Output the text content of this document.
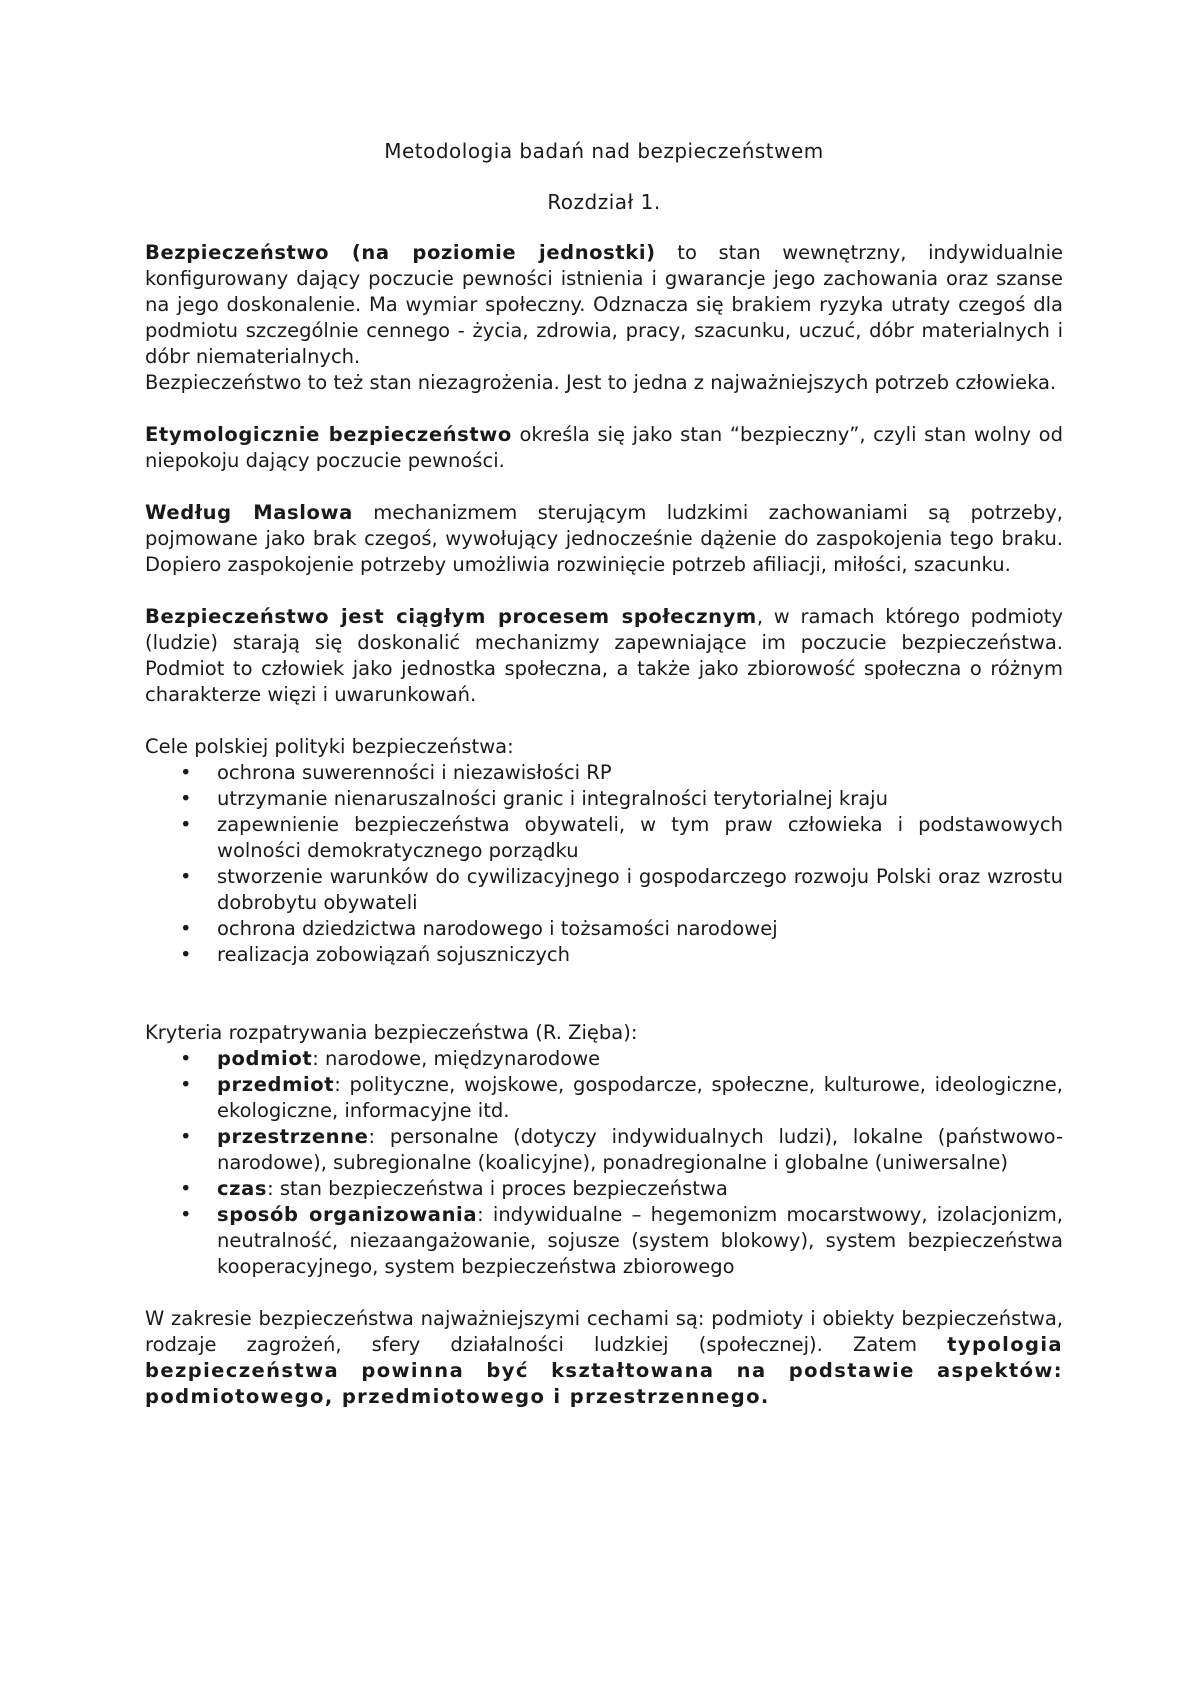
Metodologia badań nad bezpieczeństwem

Rozdział 1.

Bezpieczeństwo (na poziomie jednostki) to stan wewnętrzny, indywidualnie konfigurowany dający poczucie pewności istnienia i gwarancje jego zachowania oraz szanse na jego doskonalenie. Ma wymiar społeczny. Odznacza się brakiem ryzyka utraty czegoś dla podmiotu szczególnie cennego - życia, zdrowia, pracy, szacunku, uczuć, dóbr materialnych i dóbr niematerialnych.

Bezpieczeństwo to też stan niezagrożenia. Jest to jedna z najważniejszych potrzeb człowieka.

Etymologicznie bezpieczeństwo określa się jako stan “bezpieczny”, czyli stan wolny od niepokoju dający poczucie pewności.

Według Maslowa mechanizmem sterującym ludzkimi zachowaniami są potrzeby, pojmowane jako brak czegoś, wywołujący jednocześnie dążenie do zaspokojenia tego braku. Dopiero zaspokojenie potrzeby umożliwia rozwinięcie potrzeb afiliacji, miłości, szacunku.

Bezpieczeństwo jest ciągłym procesem społecznym, w ramach którego podmioty (ludzie) starają się doskonalić mechanizmy zapewniające im poczucie bezpieczeństwa. Podmiot to człowiek jako jednostka społeczna, a także jako zbiorowość społeczna o różnym charakterze więzi i uwarunkowań.

Cele polskiej polityki bezpieczeństwa:

•	ochrona suwerenności i niezawisłości RP
•	utrzymanie nienaruszalności granic i integralności terytorialnej kraju
•	zapewnienie bezpieczeństwa obywateli, w tym praw człowieka i podstawowych wolności demokratycznego porządku
•	stworzenie warunków do cywilizacyjnego i gospodarczego rozwoju Polski oraz wzrostu dobrobytu obywateli
•	ochrona dziedzictwa narodowego i tożsamości narodowej
•	realizacja zobowiązań sojuszniczych

Kryteria rozpatrywania bezpieczeństwa (R. Zięba):

•	podmiot: narodowe, międzynarodowe
•	przedmiot: polityczne, wojskowe, gospodarcze, społeczne, kulturowe, ideologiczne, ekologiczne, informacyjne itd.
•	przestrzenne: personalne (dotyczy indywidualnych ludzi), lokalne (państwowo-narodowe), subregionalne (koalicyjne), ponadregionalne i globalne (uniwersalne)
•	czas: stan bezpieczeństwa i proces bezpieczeństwa
•	sposób organizowania: indywidualne – hegemonizm mocarstwowy, izolacjonizm, neutralność, niezaangażowanie, sojusze (system blokowy), system bezpieczeństwa kooperacyjnego, system bezpieczeństwa zbiorowego

W zakresie bezpieczeństwa najważniejszymi cechami są: podmioty i obiekty bezpieczeństwa, rodzaje zagrożeń, sfery działalności ludzkiej (społecznej). Zatem typologia bezpieczeństwa powinna być kształtowana na podstawie aspektów: podmiotowego, przedmiotowego i przestrzennego.
